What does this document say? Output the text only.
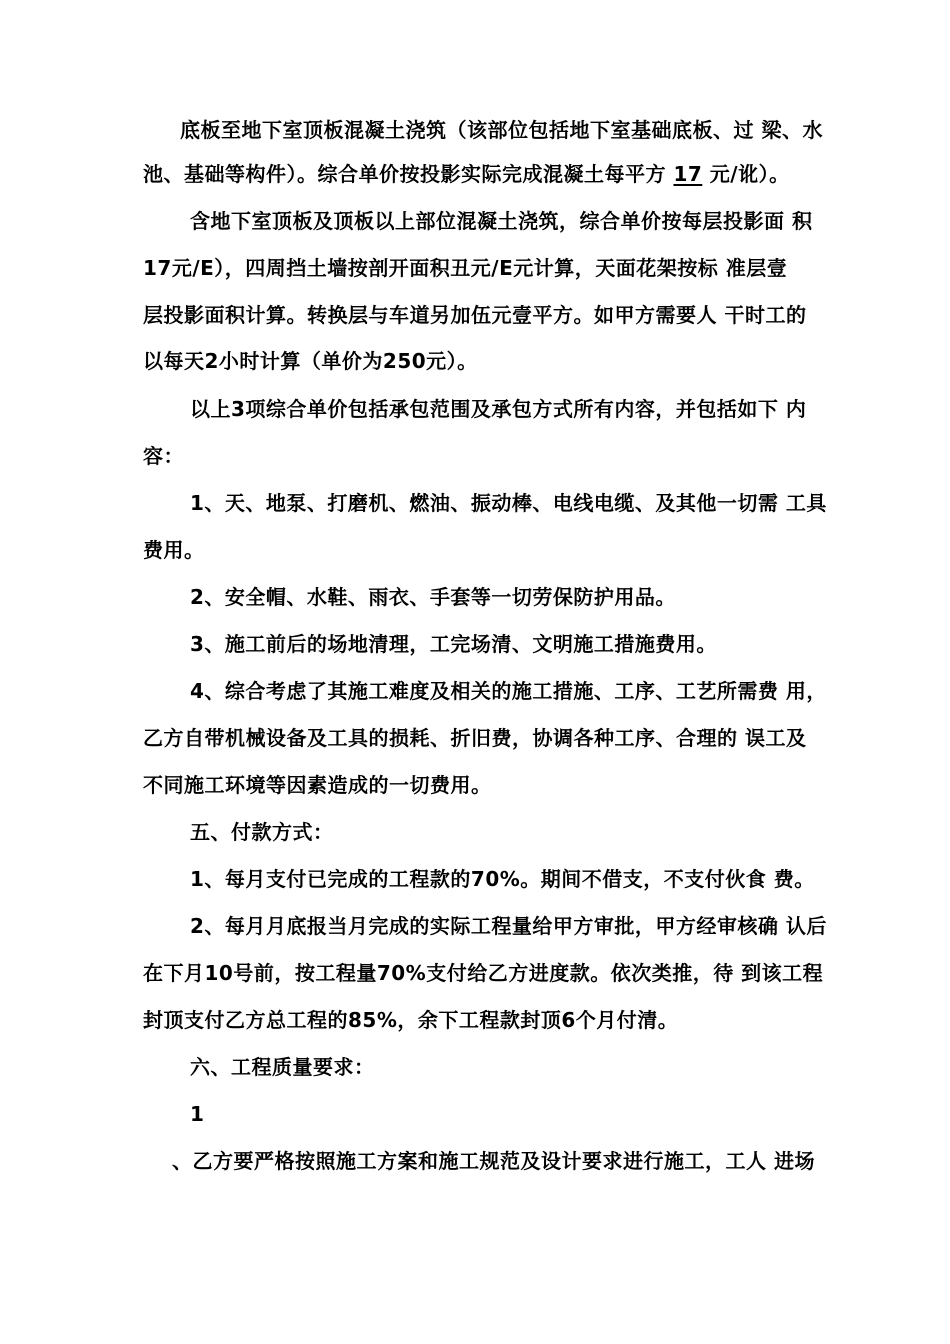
底板至地下室顶板混凝土浇筑（该部位包括地下室基础底板、过 梁、水
池、基础等构件）。综合单价按投影实际完成混凝土每平方 17 元/讹）。
含地下室顶板及顶板以上部位混凝土浇筑，综合单价按每层投影面 积
17元/E），四周挡土墙按剖开面积丑元/E元计算，天面花架按标 准层壹
层投影面积计算。转换层与车道另加伍元壹平方。如甲方需要人 干时工的
以每天2小时计算（单价为250元）。
以上3项综合单价包括承包范围及承包方式所有内容，并包括如下 内
容：
1、天、地泵、打磨机、燃油、振动棒、电线电缆、及其他一切需 工具
费用。
2、安全帽、水鞋、雨衣、手套等一切劳保防护用品。
3、施工前后的场地清理，工完场清、文明施工措施费用。
4、综合考虑了其施工难度及相关的施工措施、工序、工艺所需费 用，
乙方自带机械设备及工具的损耗、折旧费，协调各种工序、合理的 误工及
不同施工环境等因素造成的一切费用。
五、付款方式：
1、每月支付已完成的工程款的70%。期间不借支，不支付伙食 费。
2、每月月底报当月完成的实际工程量给甲方审批，甲方经审核确 认后
在下月10号前，按工程量70%支付给乙方进度款。依次类推，待 到该工程
封顶支付乙方总工程的85%，余下工程款封顶6个月付清。
六、工程质量要求：
1
、乙方要严格按照施工方案和施工规范及设计要求进行施工，工人 进场
